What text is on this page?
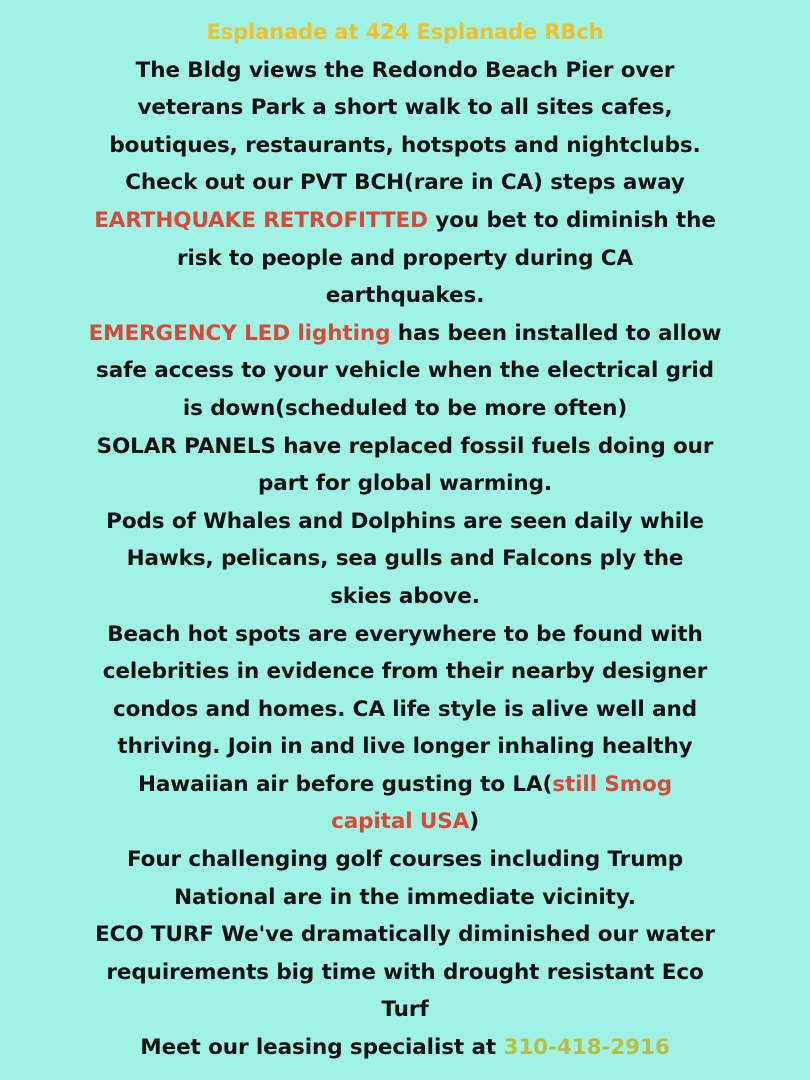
Esplanade at 424 Esplanade RBch
The Bldg views the Redondo Beach Pier over
veterans Park a short walk to all sites cafes,
boutiques, restaurants, hotspots and nightclubs.
Check out our PVT BCH(rare in CA) steps away
EARTHQUAKE RETROFITTED you bet to diminish the
risk to people and property during CA
earthquakes.
EMERGENCY LED lighting has been installed to allow
safe access to your vehicle when the electrical grid
is down(scheduled to be more often)
SOLAR PANELS have replaced fossil fuels doing our
part for global warming.
Pods of Whales and Dolphins are seen daily while
Hawks, pelicans, sea gulls and Falcons ply the
skies above.
Beach hot spots are everywhere to be found with
celebrities in evidence from their nearby designer
condos and homes. CA life style is alive well and
thriving. Join in and live longer inhaling healthy
Hawaiian air before gusting to LA(still Smog
capital USA)
Four challenging golf courses including Trump
National are in the immediate vicinity.
ECO TURF We've dramatically diminished our water
requirements big time with drought resistant Eco
Turf
Meet our leasing specialist at 310-418-2916
